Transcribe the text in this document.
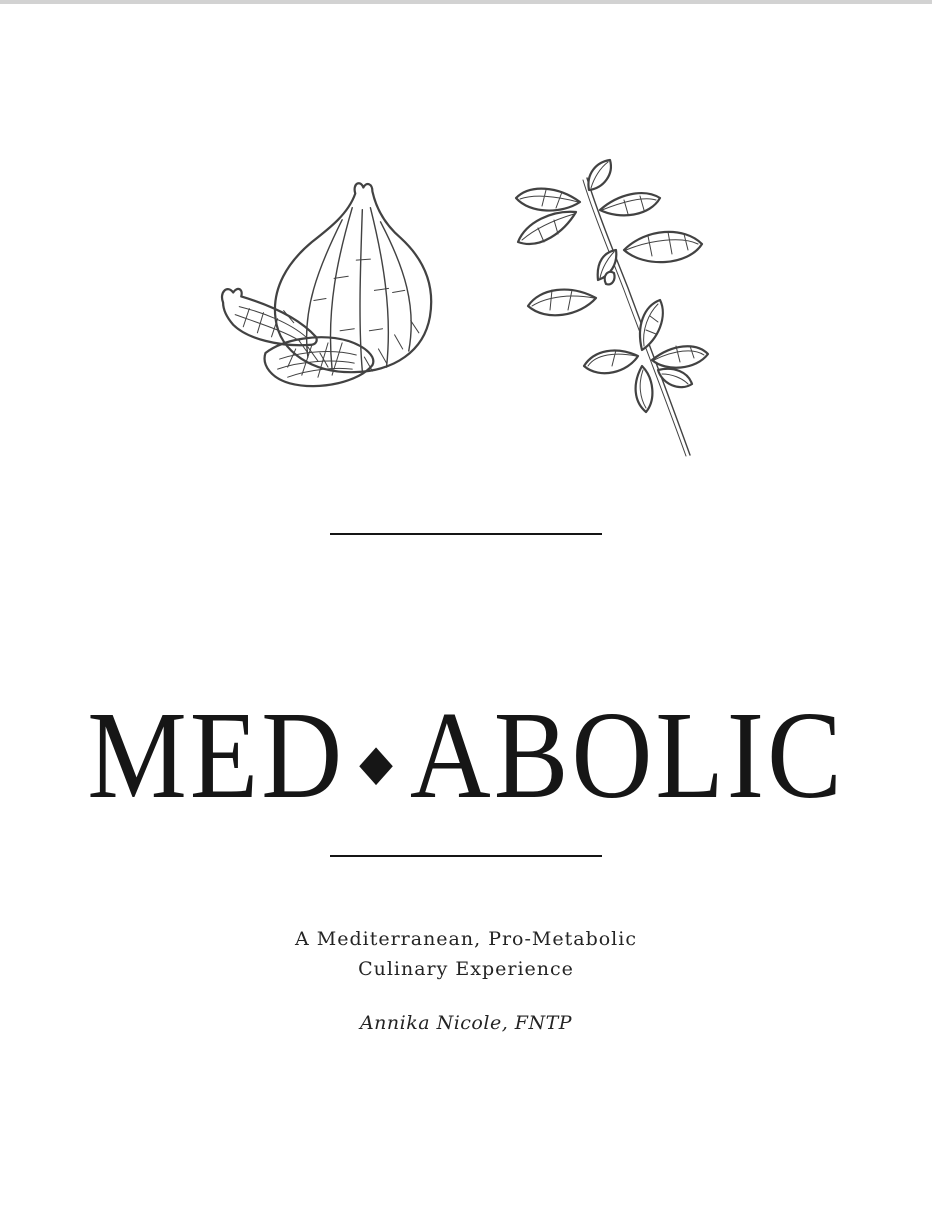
MED ◆ ABOLIC
A Mediterranean, Pro-Metabolic
Culinary Experience
Annika Nicole, FNTP
